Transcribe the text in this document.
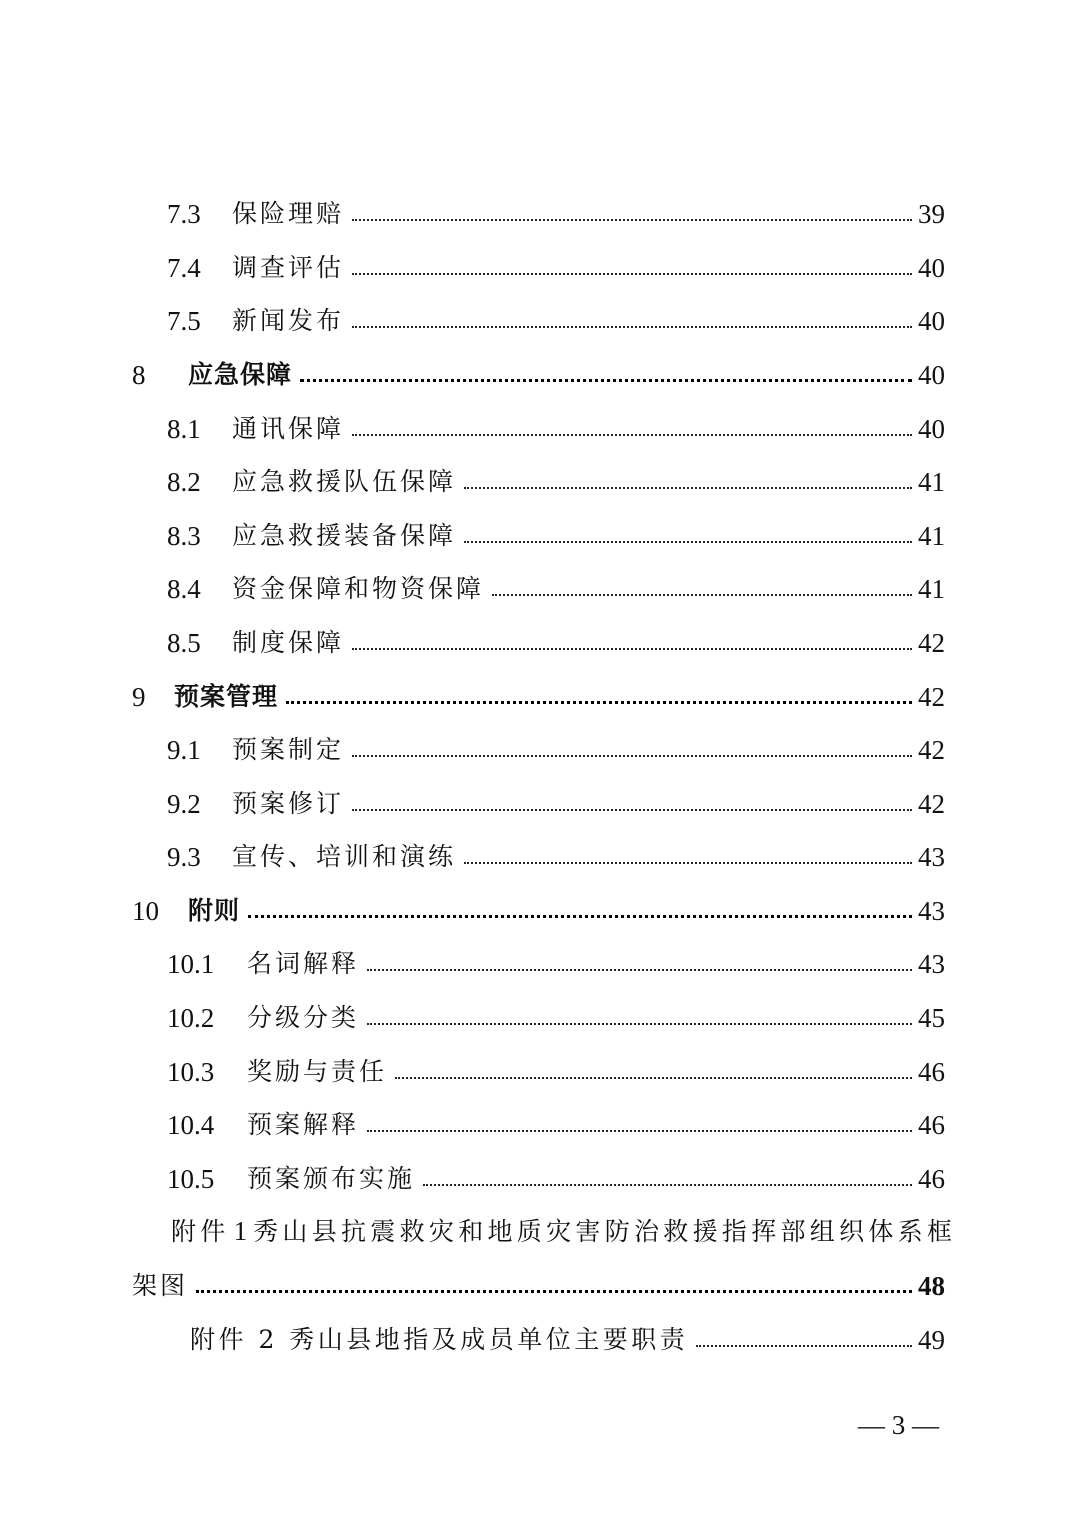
7.3	保险理赔	39
7.4	调查评估	40
7.5	新闻发布	40
8	应急保障	40
8.1	通讯保障	40
8.2	应急救援队伍保障	41
8.3	应急救援装备保障	41
8.4	资金保障和物资保障	41
8.5	制度保障	42
9	预案管理	42
9.1	预案制定	42
9.2	预案修订	42
9.3	宣传、培训和演练	43
10	附则	43
10.1	名词解释	43
10.2	分级分类	45
10.3	奖励与责任	46
10.4	预案解释	46
10.5	预案颁布实施	46
附件 1 秀山县抗震救灾和地质灾害防治救援指挥部组织体系框
架图	48
附件 2 秀山县地指及成员单位主要职责	49
— 3 —
